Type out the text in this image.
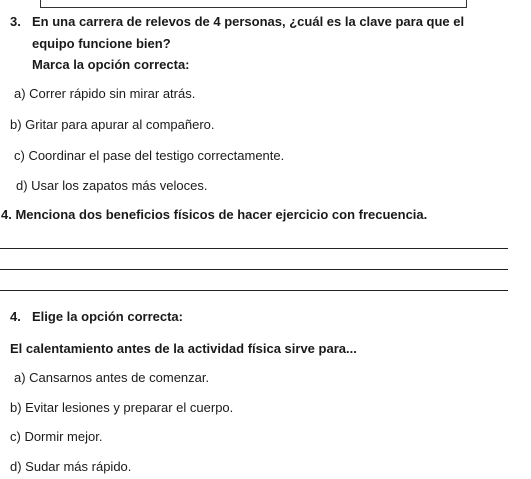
3. En una carrera de relevos de 4 personas, ¿cuál es la clave para que el
equipo funcione bien?
Marca la opción correcta:
a) Correr rápido sin mirar atrás.
b) Gritar para apurar al compañero.
c) Coordinar el pase del testigo correctamente.
d) Usar los zapatos más veloces.
4. Menciona dos beneficios físicos de hacer ejercicio con frecuencia.
4. Elige la opción correcta:
El calentamiento antes de la actividad física sirve para...
a) Cansarnos antes de comenzar.
b) Evitar lesiones y preparar el cuerpo.
c) Dormir mejor.
d) Sudar más rápido.
